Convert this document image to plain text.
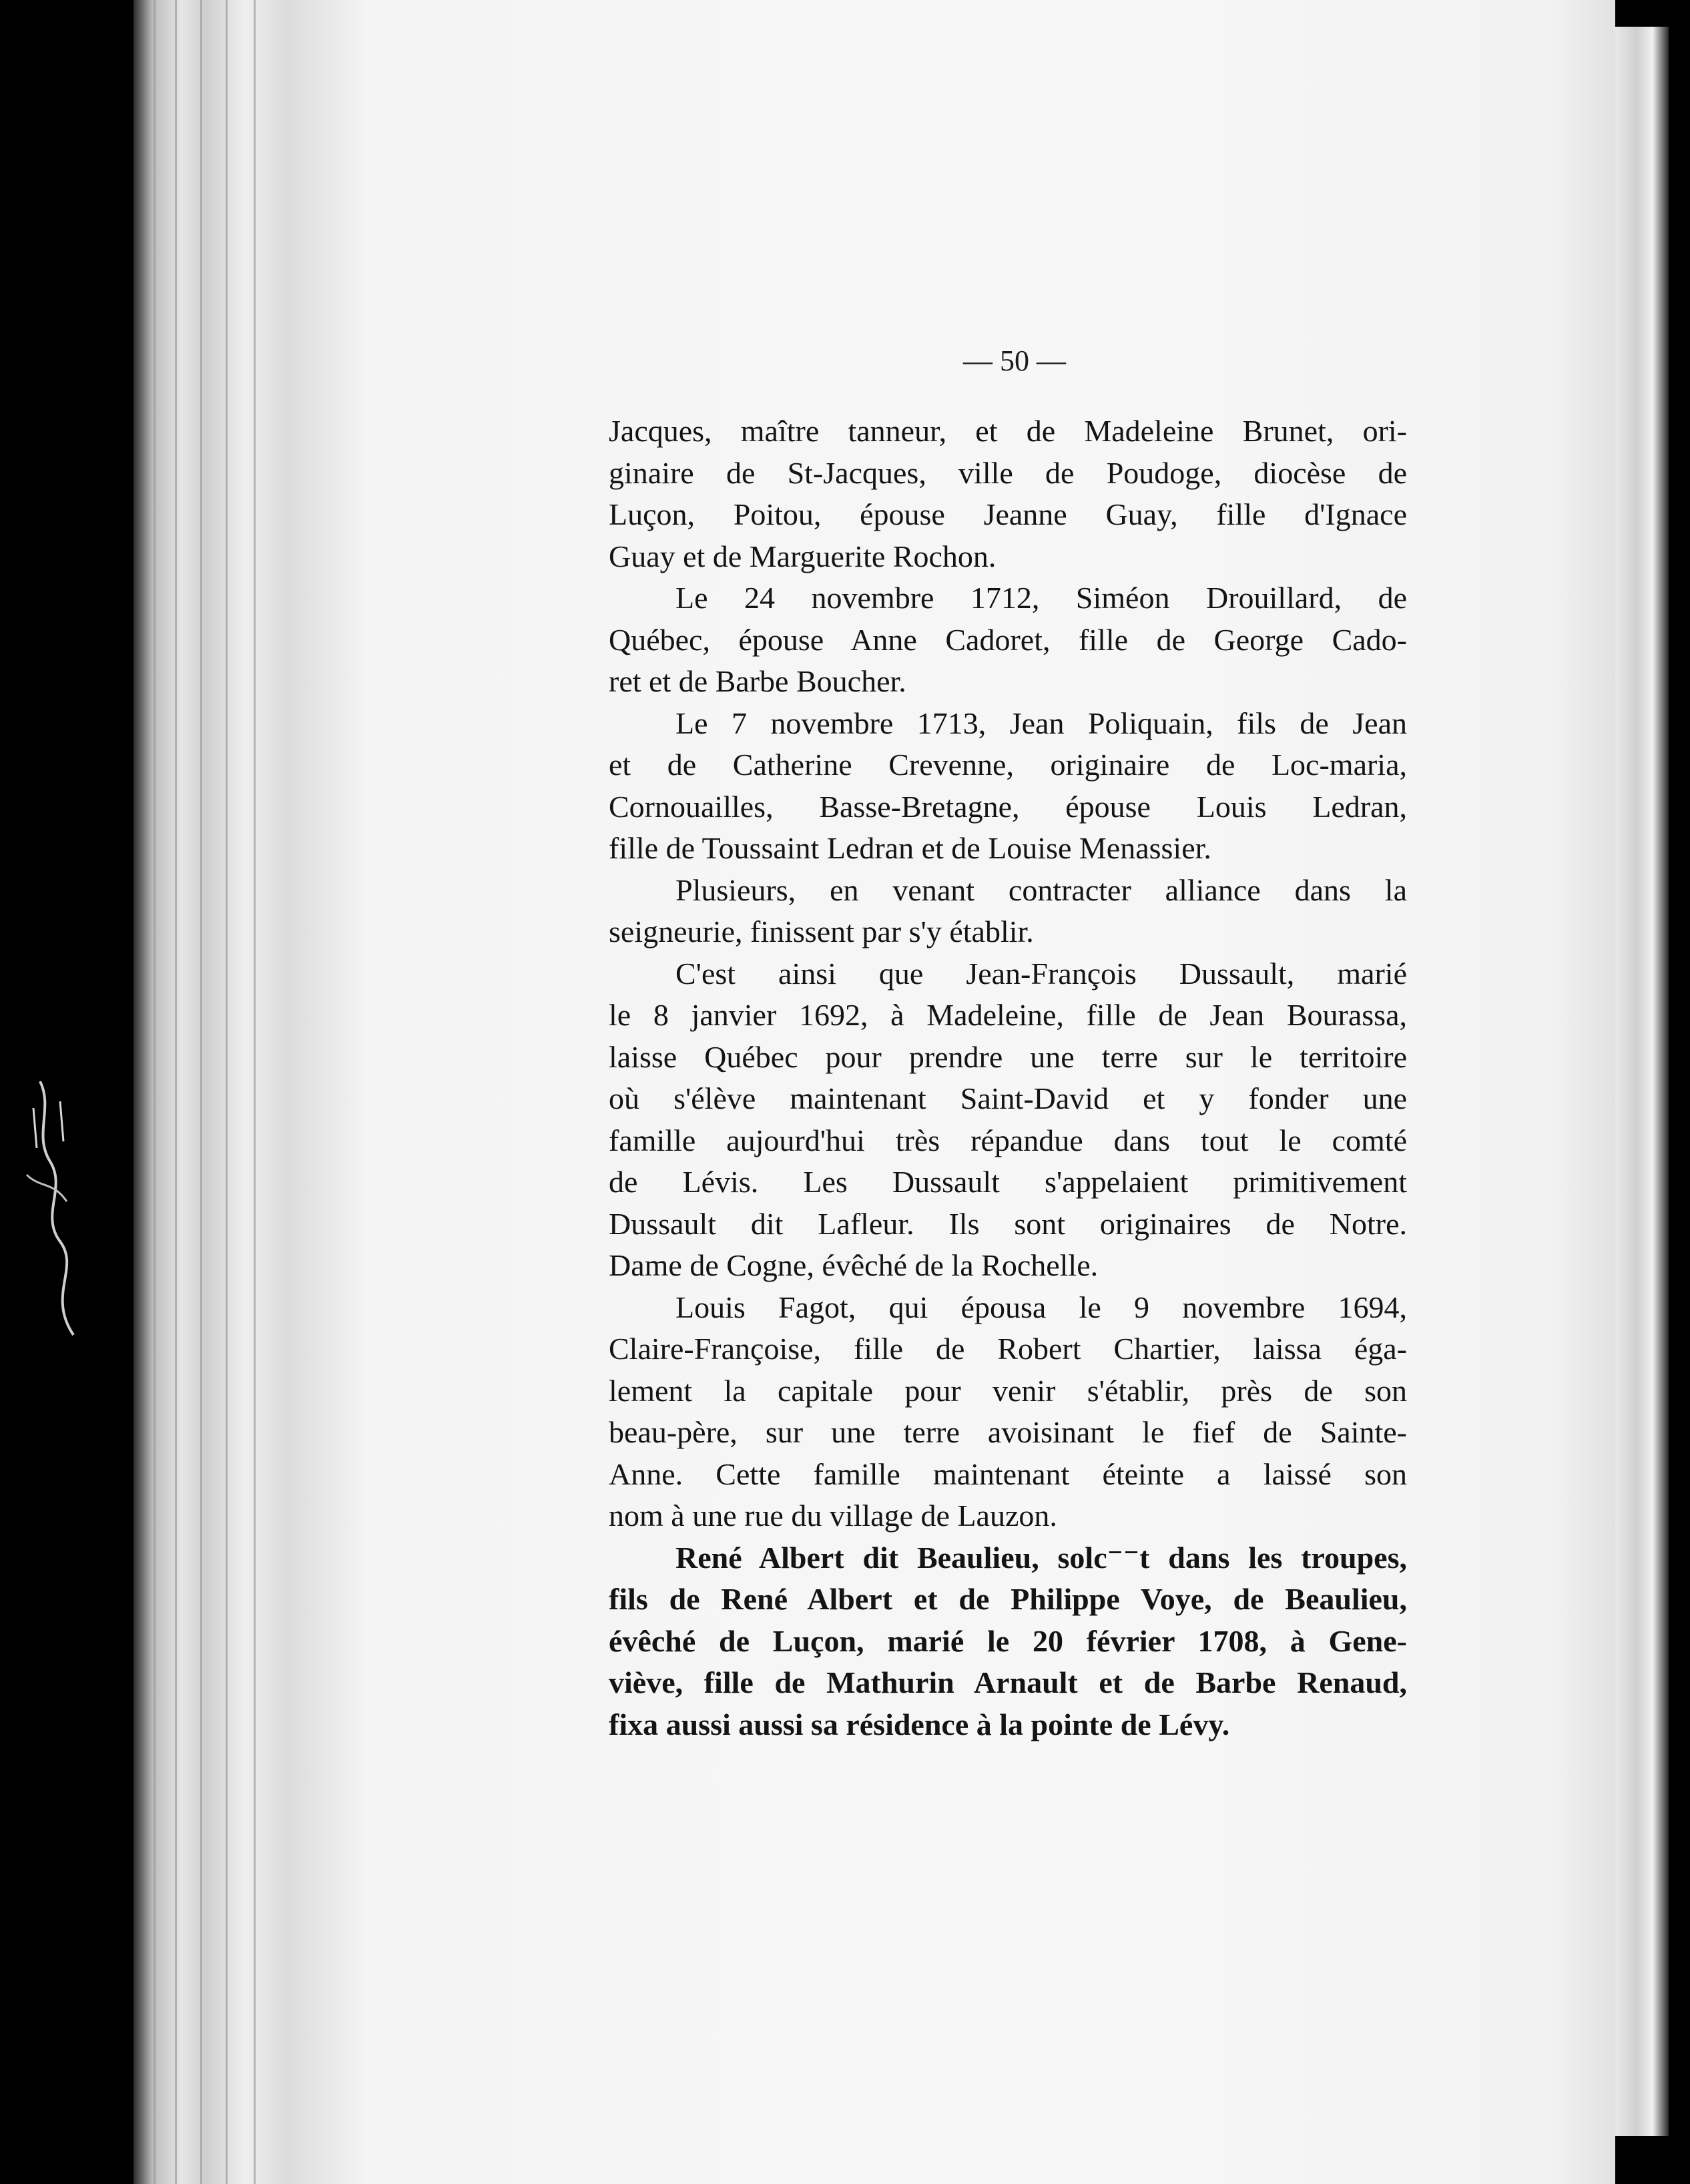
— 50 —
Jacques, maître tanneur, et de Madeleine Brunet, ori-
ginaire de St-Jacques, ville de Poudoge, diocèse de
Luçon, Poitou, épouse Jeanne Guay, fille d'Ignace
Guay et de Marguerite Rochon.
Le 24 novembre 1712, Siméon Drouillard, de
Québec, épouse Anne Cadoret, fille de George Cado-
ret et de Barbe Boucher.
Le 7 novembre 1713, Jean Poliquain, fils de Jean
et de Catherine Crevenne, originaire de Loc-maria,
Cornouailles, Basse-Bretagne, épouse Louis Ledran,
fille de Toussaint Ledran et de Louise Menassier.
Plusieurs, en venant contracter alliance dans la
seigneurie, finissent par s'y établir.
C'est ainsi que Jean-François Dussault, marié
le 8 janvier 1692, à Madeleine, fille de Jean Bourassa,
laisse Québec pour prendre une terre sur le territoire
où s'élève maintenant Saint-David et y fonder une
famille aujourd'hui très répandue dans tout le comté
de Lévis. Les Dussault s'appelaient primitivement
Dussault dit Lafleur. Ils sont originaires de Notre.
Dame de Cogne, évêché de la Rochelle.
Louis Fagot, qui épousa le 9 novembre 1694,
Claire-Françoise, fille de Robert Chartier, laissa éga-
lement la capitale pour venir s'établir, près de son
beau-père, sur une terre avoisinant le fief de Sainte-
Anne. Cette famille maintenant éteinte a laissé son
nom à une rue du village de Lauzon.
René Albert dit Beaulieu, solc⁻⁻t dans les troupes,
fils de René Albert et de Philippe Voye, de Beaulieu,
évêché de Luçon, marié le 20 février 1708, à Gene-
viève, fille de Mathurin Arnault et de Barbe Renaud,
fixa aussi aussi sa résidence à la pointe de Lévy.
